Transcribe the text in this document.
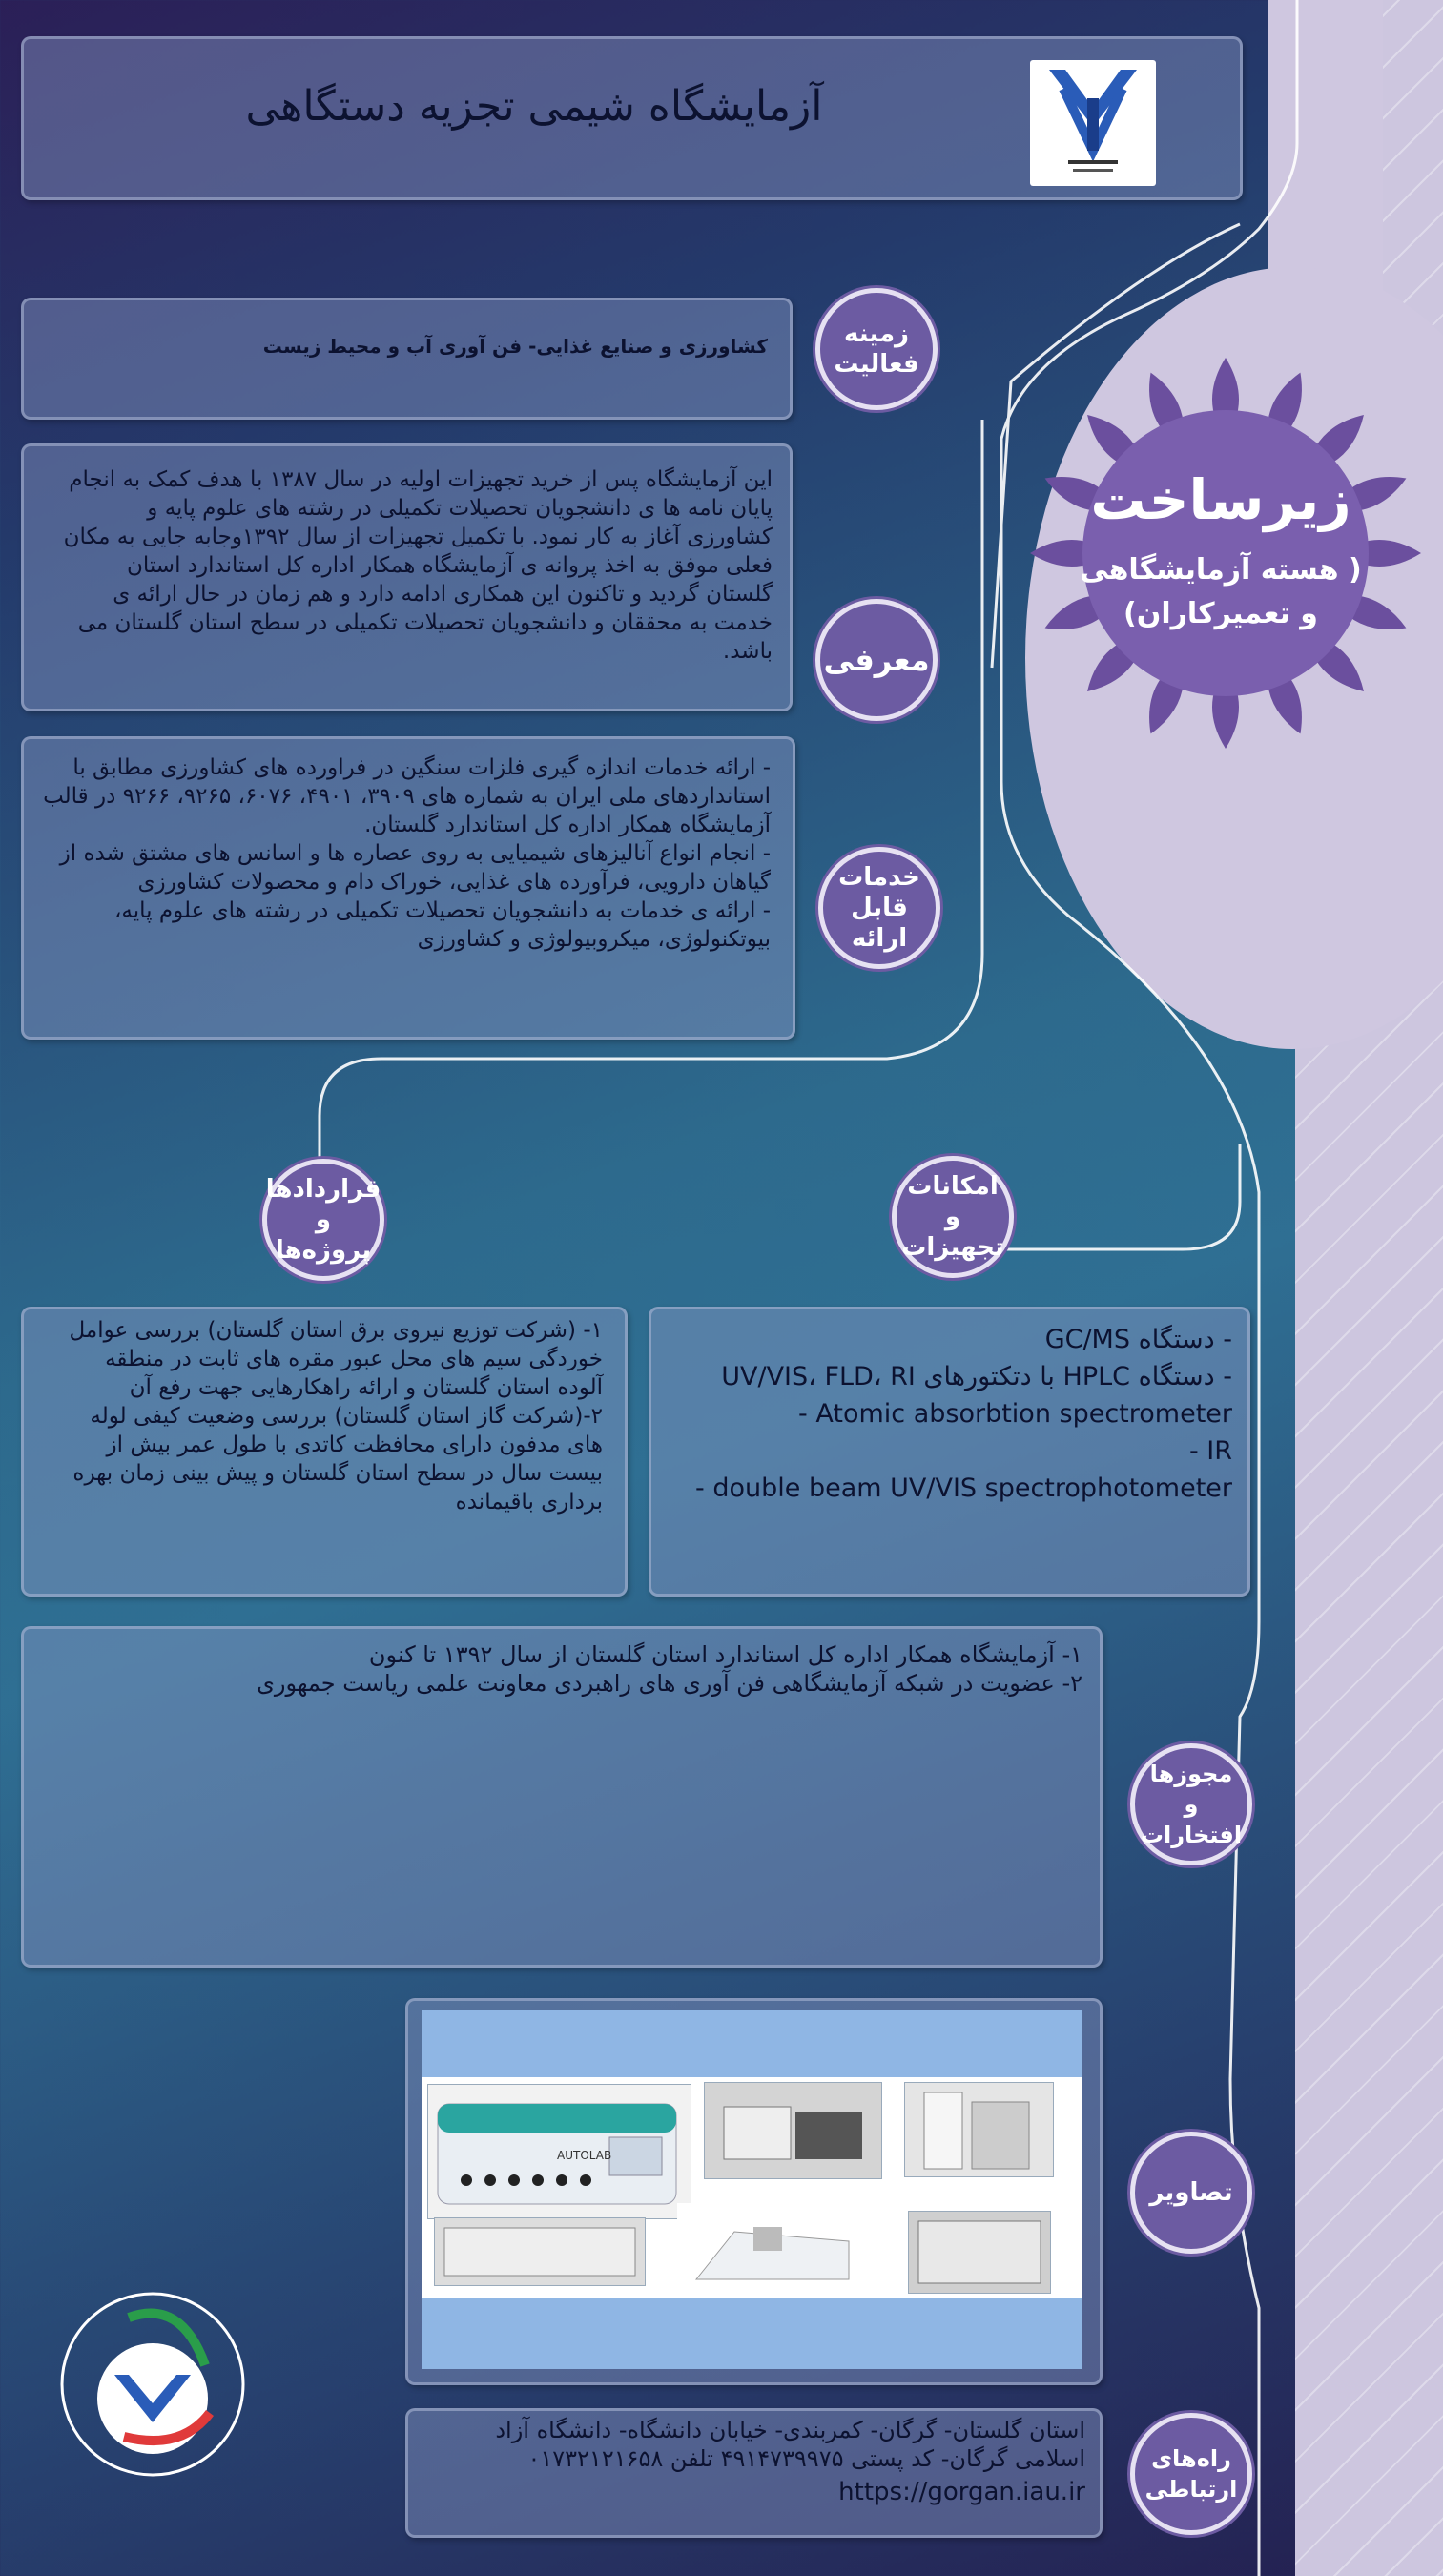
آزمایشگاه شیمی تجزیه دستگاهی
زیرساخت
( هسته آزمایشگاهی
و تعمیرکاران)
کشاورزی و صنایع غذایی- فن آوری آب و محیط زیست	زمینه
فعالیت
این آزمایشگاه پس از خرید تجهیزات اولیه در سال ۱۳۸۷ با هدف کمک به انجام پایان نامه ها ی دانشجویان تحصیلات تکمیلی در رشته های علوم پایه و کشاورزی آغاز به کار نمود. با تکمیل تجهیزات از سال ۱۳۹۲وجابه جایی به مکان فعلی موفق به اخذ پروانه ی آزمایشگاه همکار اداره کل استاندارد استان گلستان گردید و تاکنون این همکاری ادامه دارد و هم زمان در حال ارائه ی خدمت به محققان و دانشجویان تحصیلات تکمیلی در سطح استان گلستان می باشد. معرفی
- ارائه خدمات اندازه گیری فلزات سنگین در فراورده های کشاورزی مطابق با استانداردهای ملی ایران به شماره های ۳۹۰۹، ۴۹۰۱، ۶۰۷۶، ۹۲۶۵، ۹۲۶۶ در قالب آزمایشگاه همکار اداره کل استاندارد گلستان.
- انجام انواع آنالیزهای شیمیایی به روی عصاره ها و اسانس های مشتق شده از گیاهان دارویی، فرآورده های غذایی، خوراک دام و محصولات کشاورزی
- ارائه ی خدمات به دانشجویان تحصیلات تکمیلی در رشته های علوم پایه، بیوتکنولوژی، میکروبیولوژی و کشاورزی
خدمات
قابل ارائه
قراردادها و
پروژه‌ها
امکانات و
تجهیزات
۱- (شرکت توزیع نیروی برق استان گلستان) بررسی عوامل خوردگی سیم های محل عبور مقره های ثابت در منطقه آلوده استان گلستان و ارائه راهکارهایی جهت رفع آن
۲-(شرکت گاز استان گلستان) بررسی وضعیت کیفی لوله های مدفون دارای محافظت کاتدی با طول عمر بیش از بیست سال در سطح استان گلستان و پیش بینی زمان بهره برداری باقیمانده
- دستگاه GC/MS
- دستگاه HPLC با دتکتورهای UV/VIS، FLD، RI
- Atomic absorbtion spectrometer
- IR
- double beam UV/VIS spectrophotometer
۱- آزمایشگاه همکار اداره کل استاندارد استان گلستان از سال ۱۳۹۲ تا کنون
۲- عضویت در شبکه آزمایشگاهی فن آوری های راهبردی معاونت علمی ریاست جمهوری
مجوزها
و افتخارات
AUTOLAB
تصاویر
استان گلستان- گرگان- کمربندی- خیابان دانشگاه- دانشگاه آزاد اسلامی گرگان- کد پستی ۴۹۱۴۷۳۹۹۷۵ تلفن ۰۱۷۳۲۱۲۱۶۵۸
https://gorgan.iau.ir
راه‌های
ارتباطی
